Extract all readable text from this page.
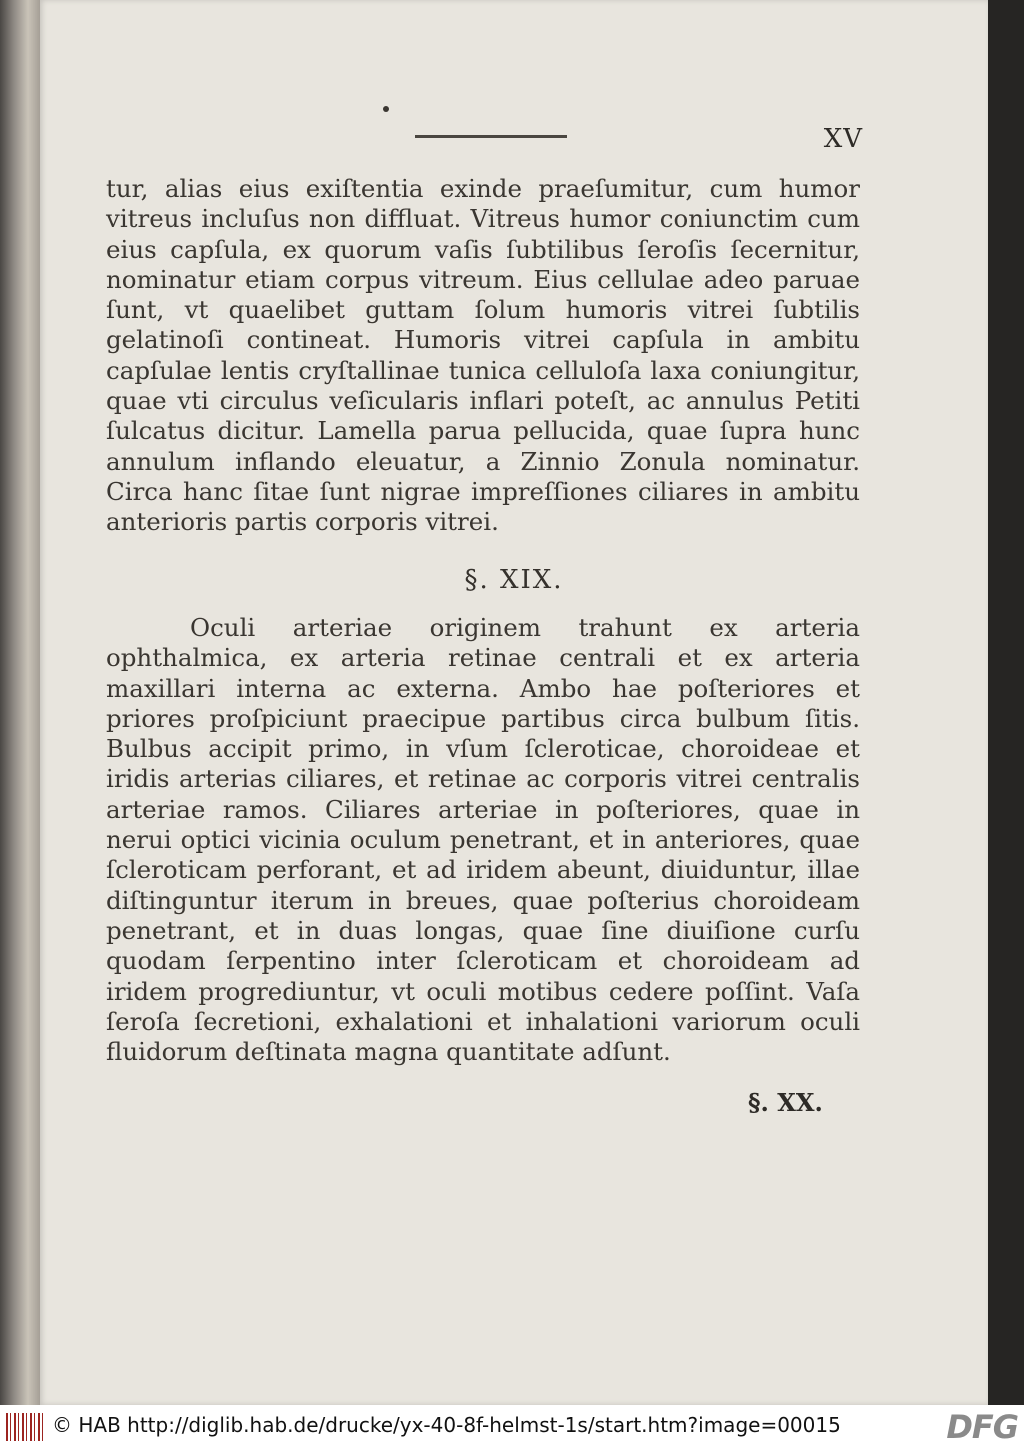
XV

tur, alias eius exiſtentia exinde praeſumitur, cum humor vitreus incluſus non diffluat. Vitreus humor coniunctim cum eius capſula, ex quorum vaſis ſubtilibus ſeroſis ſecernitur, nominatur etiam corpus vitreum. Eius cellulae adeo paruae ſunt, vt quaelibet guttam ſolum humoris vitrei ſubtilis gelatinoſi contineat. Humoris vitrei capſula in ambitu capſulae lentis cryſtallinae tunica celluloſa laxa coniungitur, quae vti circulus veſicularis inflari poteſt, ac annulus Petiti ſulcatus dicitur. Lamella parua pellucida, quae ſupra hunc annulum inflando eleuatur, a Zinnio Zonula nominatur. Circa hanc ſitae ſunt nigrae impreſſiones ciliares in ambitu anterioris partis corporis vitrei.

§. XIX.

Oculi arteriae originem trahunt ex arteria ophthalmica, ex arteria retinae centrali et ex arteria maxillari interna ac externa. Ambo hae poſteriores et priores proſpiciunt praecipue partibus circa bulbum ſitis. Bulbus accipit primo, in vſum ſcleroticae, choroideae et iridis arterias ciliares, et retinae ac corporis vitrei centralis arteriae ramos. Ciliares arteriae in poſteriores, quae in nerui optici vicinia oculum penetrant, et in anteriores, quae ſcleroticam perforant, et ad iridem abeunt, diuiduntur, illae diſtinguntur iterum in breues, quae poſterius choroideam penetrant, et in duas longas, quae ſine diuiſione curſu quodam ſerpentino inter ſcleroticam et choroideam ad iridem progrediuntur, vt oculi motibus cedere poſſint. Vaſa ſeroſa ſecretioni, exhalationi et inhalationi variorum oculi fluidorum deſtinata magna quantitate adſunt.

§. XX.
© HAB http://diglib.hab.de/drucke/yx-40-8f-helmst-1s/start.htm?image=00015	DFG
